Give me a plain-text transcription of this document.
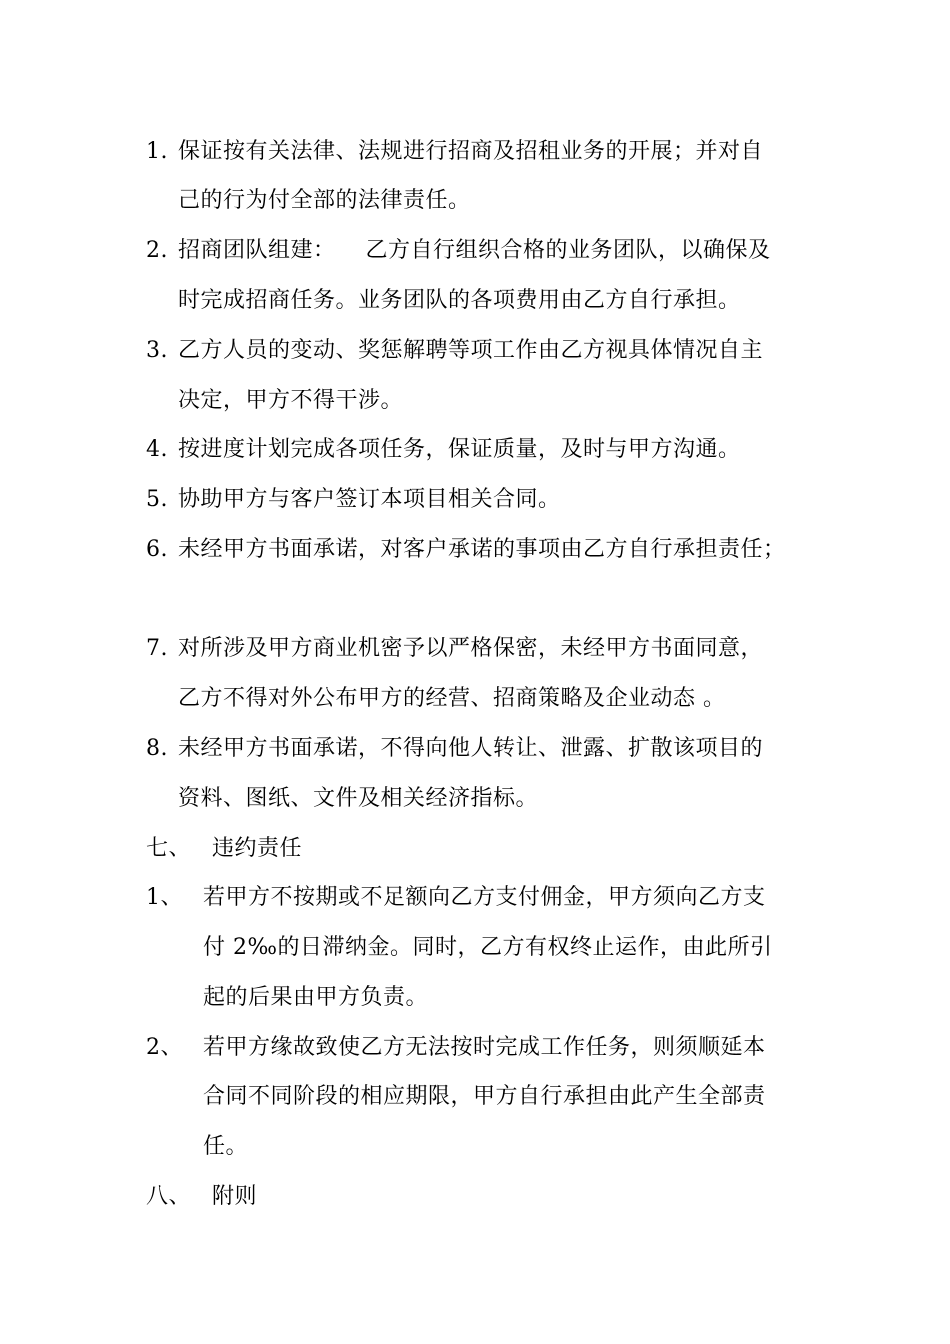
1. 保证按有关法律、法规进行招商及招租业务的开展；并对自
己的行为付全部的法律责任。
2. 招商团队组建：    乙方自行组织合格的业务团队，以确保及
时完成招商任务。业务团队的各项费用由乙方自行承担。
3. 乙方人员的变动、奖惩解聘等项工作由乙方视具体情况自主
决定，甲方不得干涉。
4. 按进度计划完成各项任务，保证质量，及时与甲方沟通。
5. 协助甲方与客户签订本项目相关合同。
6. 未经甲方书面承诺，对客户承诺的事项由乙方自行承担责任；
7. 对所涉及甲方商业机密予以严格保密，未经甲方书面同意，
乙方不得对外公布甲方的经营、招商策略及企业动态 。
8. 未经甲方书面承诺，不得向他人转让、泄露、扩散该项目的
资料、图纸、文件及相关经济指标。
七、 违约责任
1、 若甲方不按期或不足额向乙方支付佣金，甲方须向乙方支
付 2‰的日滞纳金。同时，乙方有权终止运作，由此所引
起的后果由甲方负责。
2、 若甲方缘故致使乙方无法按时完成工作任务，则须顺延本
合同不同阶段的相应期限，甲方自行承担由此产生全部责
任。
八、 附则
